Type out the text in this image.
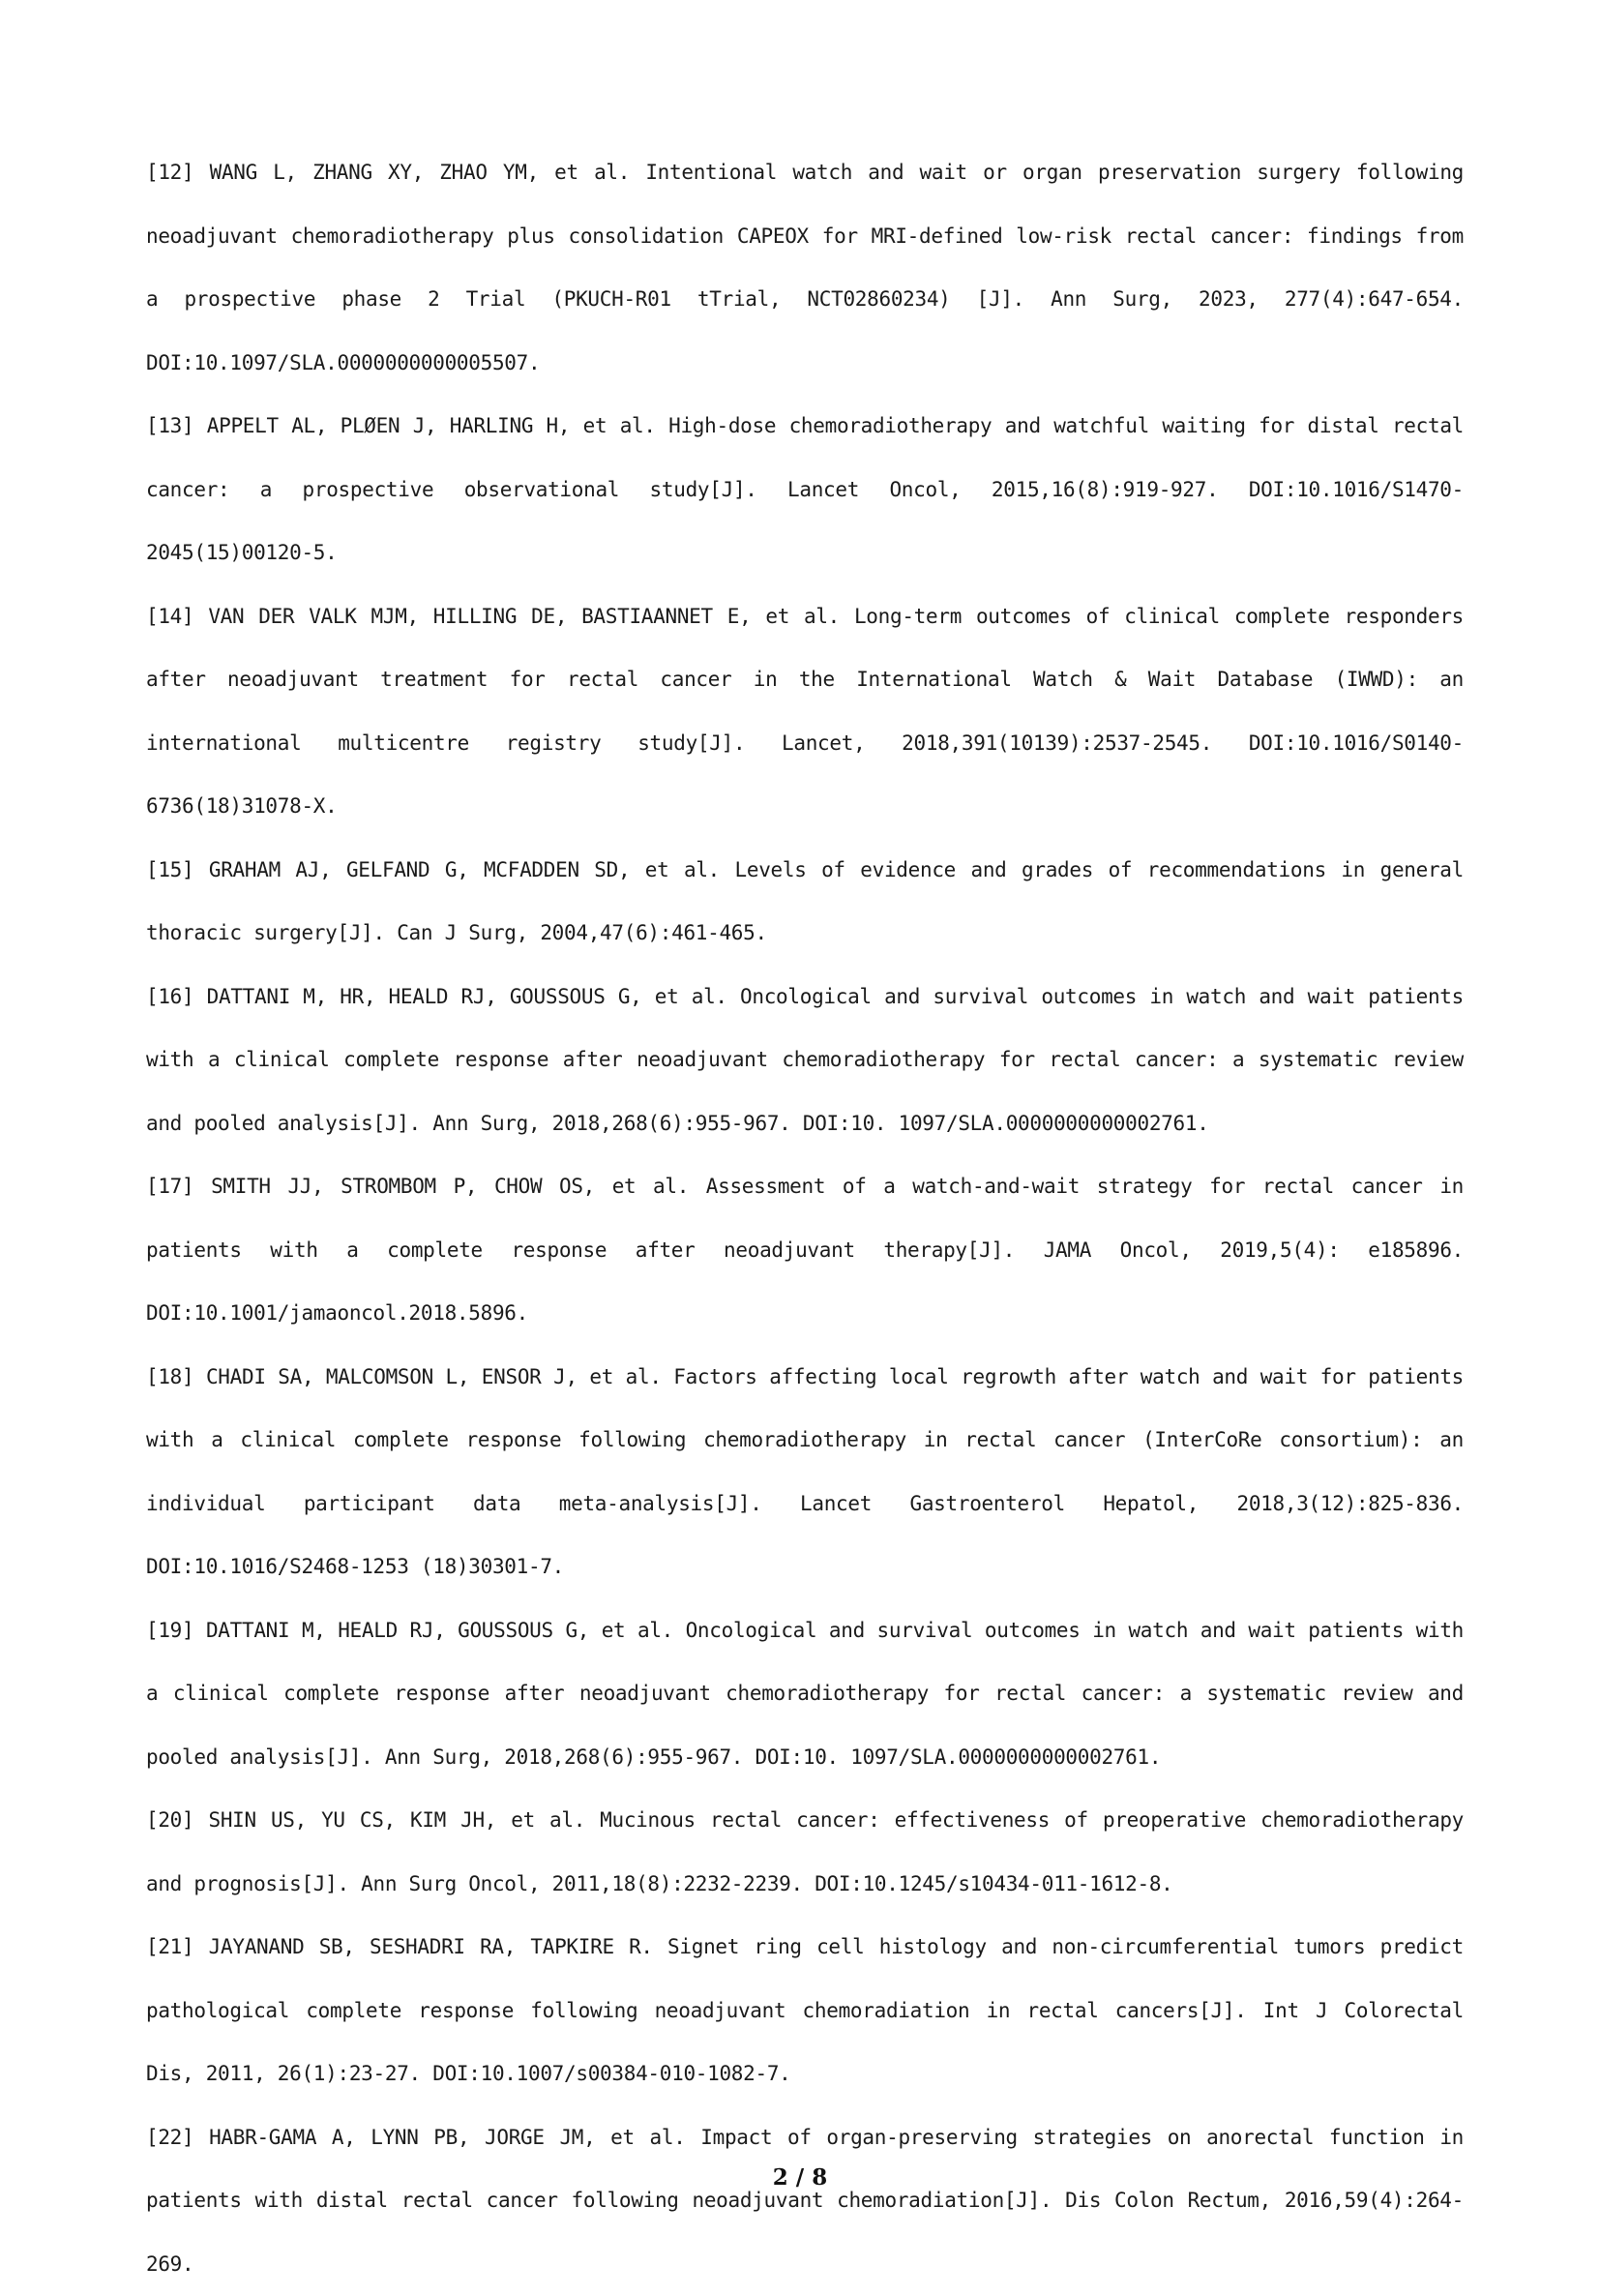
[12] WANG L, ZHANG XY, ZHAO YM, et al. Intentional watch and wait or organ preservation surgery following neoadjuvant chemoradiotherapy plus consolidation CAPEOX for MRI-defined low-risk rectal cancer: findings from a prospective phase 2 Trial (PKUCH-R01 tTrial, NCT02860234) [J]. Ann Surg, 2023, 277(4):647-654. DOI:10.1097/SLA.0000000000005507.

[13] APPELT AL, PLØEN J, HARLING H, et al. High-dose chemoradiotherapy and watchful waiting for distal rectal cancer: a prospective observational study[J]. Lancet Oncol, 2015,16(8):919-927. DOI:10.1016/S1470-2045(15)00120-5.

[14] VAN DER VALK MJM, HILLING DE, BASTIAANNET E, et al. Long-term outcomes of clinical complete responders after neoadjuvant treatment for rectal cancer in the International Watch & Wait Database (IWWD): an international multicentre registry study[J]. Lancet, 2018,391(10139):2537-2545. DOI:10.1016/S0140-6736(18)31078-X.

[15] GRAHAM AJ, GELFAND G, MCFADDEN SD, et al. Levels of evidence and grades of recommendations in general thoracic surgery[J]. Can J Surg, 2004,47(6):461-465.

[16] DATTANI M, HR, HEALD RJ, GOUSSOUS G, et al. Oncological and survival outcomes in watch and wait patients with a clinical complete response after neoadjuvant chemoradiotherapy for rectal cancer: a systematic review and pooled analysis[J]. Ann Surg, 2018,268(6):955-967. DOI:10. 1097/SLA.0000000000002761.

[17] SMITH JJ, STROMBOM P, CHOW OS, et al. Assessment of a watch-and-wait strategy for rectal cancer in patients with a complete response after neoadjuvant therapy[J]. JAMA Oncol, 2019,5(4): e185896. DOI:10.1001/jamaoncol.2018.5896.

[18] CHADI SA, MALCOMSON L, ENSOR J, et al. Factors affecting local regrowth after watch and wait for patients with a clinical complete response following chemoradiotherapy in rectal cancer (InterCoRe consortium): an individual participant data meta-analysis[J]. Lancet Gastroenterol Hepatol, 2018,3(12):825-836. DOI:10.1016/S2468-1253 (18)30301-7.

[19] DATTANI M, HEALD RJ, GOUSSOUS G, et al. Oncological and survival outcomes in watch and wait patients with a clinical complete response after neoadjuvant chemoradiotherapy for rectal cancer: a systematic review and pooled analysis[J]. Ann Surg, 2018,268(6):955-967. DOI:10. 1097/SLA.0000000000002761.

[20] SHIN US, YU CS, KIM JH, et al. Mucinous rectal cancer: effectiveness of preoperative chemoradiotherapy and prognosis[J]. Ann Surg Oncol, 2011,18(8):2232-2239. DOI:10.1245/s10434-011-1612-8.

[21] JAYANAND SB, SESHADRI RA, TAPKIRE R. Signet ring cell histology and non-circumferential tumors predict pathological complete response following neoadjuvant chemoradiation in rectal cancers[J]. Int J Colorectal Dis, 2011, 26(1):23-27. DOI:10.1007/s00384-010-1082-7.

[22] HABR-GAMA A, LYNN PB, JORGE JM, et al. Impact of organ-preserving strategies on anorectal function in patients with distal rectal cancer following neoadjuvant chemoradiation[J]. Dis Colon Rectum, 2016,59(4):264-269.

2 / 8
